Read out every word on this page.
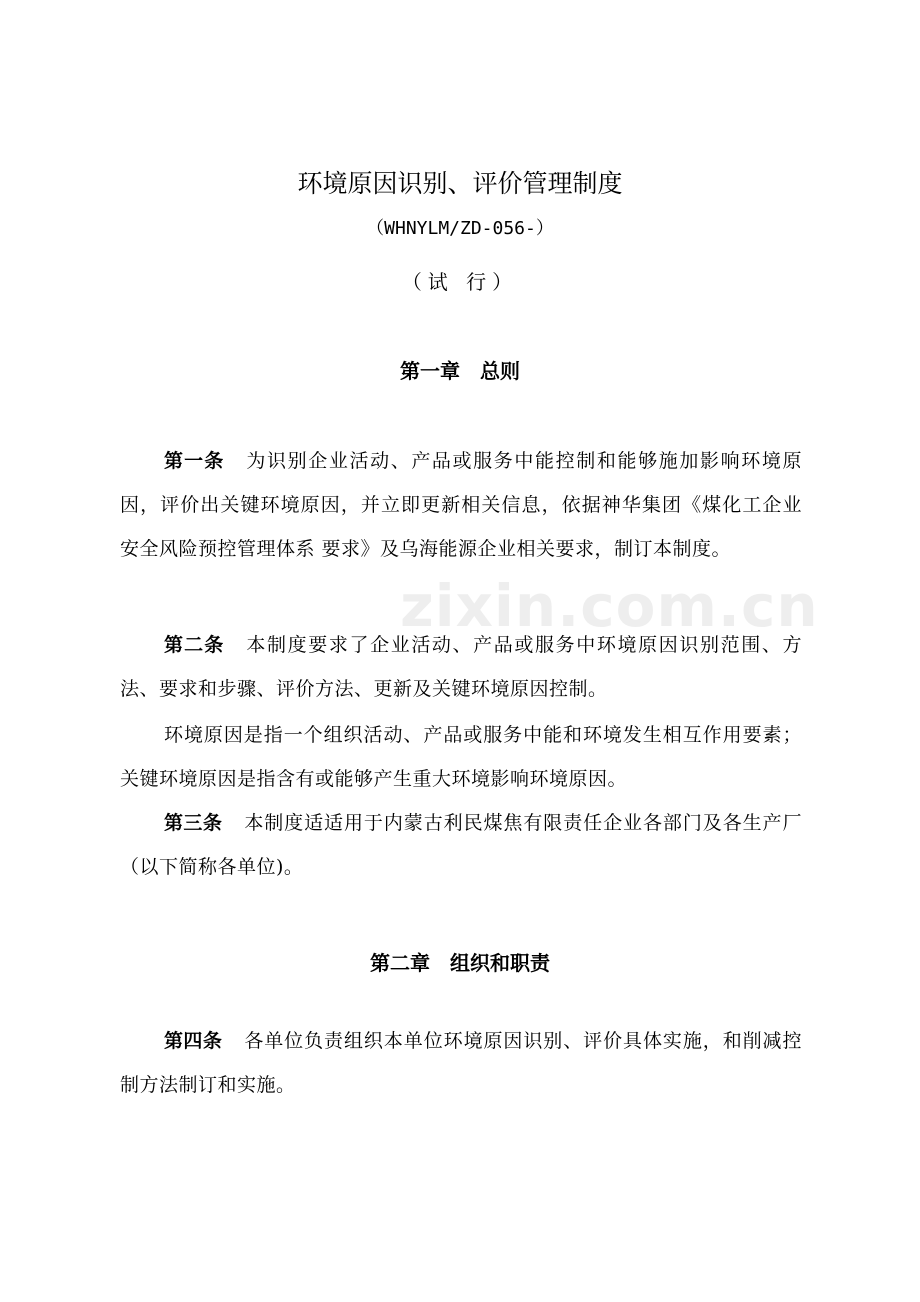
zixin.com.cn
环境原因识别、评价管理制度
（WHNYLM/ZD-056-）
（试 行）
第一章　总则

第一条 为识别企业活动、产品或服务中能控制和能够施加影响环境原因，评价出关键环境原因，并立即更新相关信息，依据神华集团《煤化工企业安全风险预控管理体系 要求》及乌海能源企业相关要求，制订本制度。

第二条 本制度要求了企业活动、产品或服务中环境原因识别范围、方法、要求和步骤、评价方法、更新及关键环境原因控制。

环境原因是指一个组织活动、产品或服务中能和环境发生相互作用要素；关键环境原因是指含有或能够产生重大环境影响环境原因。

第三条 本制度适适用于内蒙古利民煤焦有限责任企业各部门及各生产厂（以下简称各单位)。

第二章　组织和职责

第四条 各单位负责组织本单位环境原因识别、评价具体实施，和削减控制方法制订和实施。
